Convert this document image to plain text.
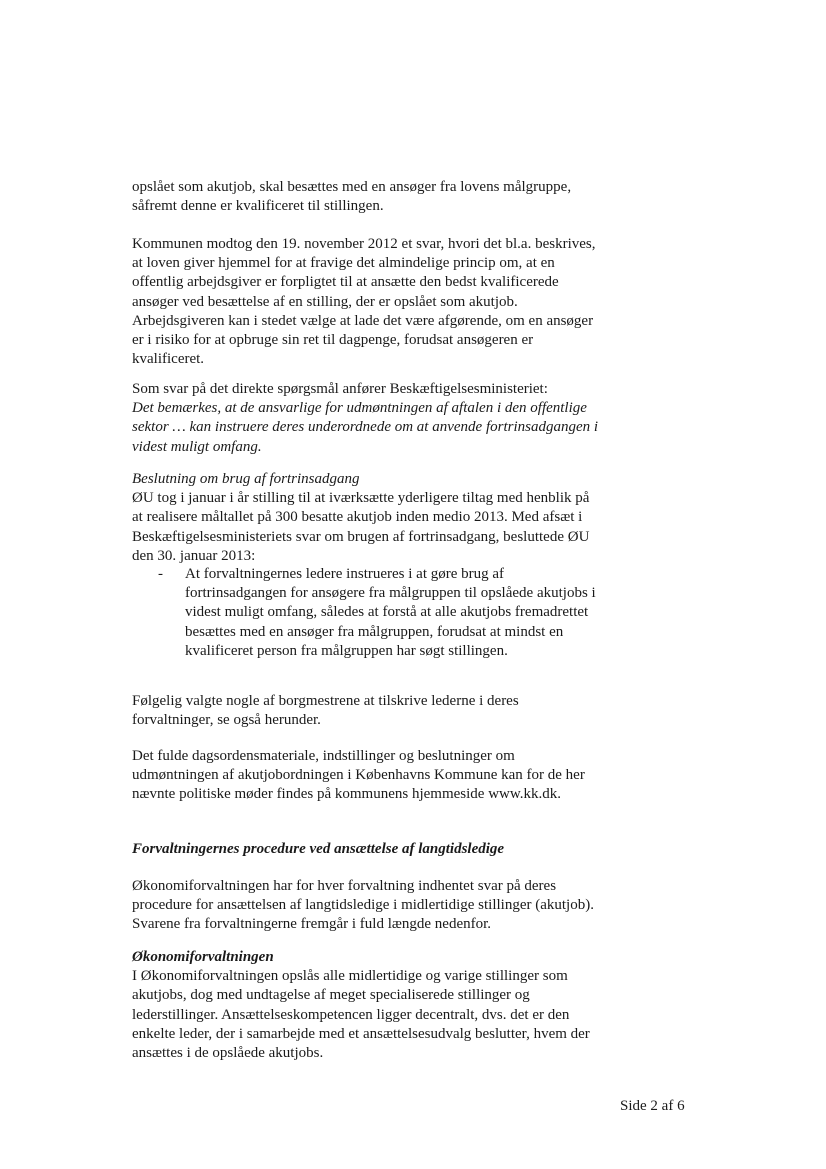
opslået som akutjob, skal besættes med en ansøger fra lovens målgruppe, såfremt denne er kvalificeret til stillingen.

Kommunen modtog den 19. november 2012 et svar, hvori det bl.a. beskrives, at loven giver hjemmel for at fravige det almindelige princip om, at en offentlig arbejdsgiver er forpligtet til at ansætte den bedst kvalificerede ansøger ved besættelse af en stilling, der er opslået som akutjob. Arbejdsgiveren kan i stedet vælge at lade det være afgørende, om en ansøger er i risiko for at opbruge sin ret til dagpenge, forudsat ansøgeren er kvalificeret.

Som svar på det direkte spørgsmål anfører Beskæftigelsesministeriet:

Det bemærkes, at de ansvarlige for udmøntningen af aftalen i den offentlige sektor … kan instruere deres underordnede om at anvende fortrinsadgangen i videst muligt omfang.

Beslutning om brug af fortrinsadgang

ØU tog i januar i år stilling til at iværksætte yderligere tiltag med henblik på at realisere måltallet på 300 besatte akutjob inden medio 2013. Med afsæt i Beskæftigelsesministeriets svar om brugen af fortrinsadgang, besluttede ØU den 30. januar 2013:

- At forvaltningernes ledere instrueres i at gøre brug af fortrinsadgangen for ansøgere fra målgruppen til opslåede akutjobs i videst muligt omfang, således at forstå at alle akutjobs fremadrettet besættes med en ansøger fra målgruppen, forudsat at mindst en kvalificeret person fra målgruppen har søgt stillingen.

Følgelig valgte nogle af borgmestrene at tilskrive lederne i deres forvaltninger, se også herunder.

Det fulde dagsordensmateriale, indstillinger og beslutninger om udmøntningen af akutjobordningen i Københavns Kommune kan for de her nævnte politiske møder findes på kommunens hjemmeside www.kk.dk.

Forvaltningernes procedure ved ansættelse af langtidsledige

Økonomiforvaltningen har for hver forvaltning indhentet svar på deres procedure for ansættelsen af langtidsledige i midlertidige stillinger (akutjob). Svarene fra forvaltningerne fremgår i fuld længde nedenfor.

Økonomiforvaltningen

I Økonomiforvaltningen opslås alle midlertidige og varige stillinger som akutjobs, dog med undtagelse af meget specialiserede stillinger og lederstillinger. Ansættelseskompetencen ligger decentralt, dvs. det er den enkelte leder, der i samarbejde med et ansættelsesudvalg beslutter, hvem der ansættes i de opslåede akutjobs.

Side 2 af 6
